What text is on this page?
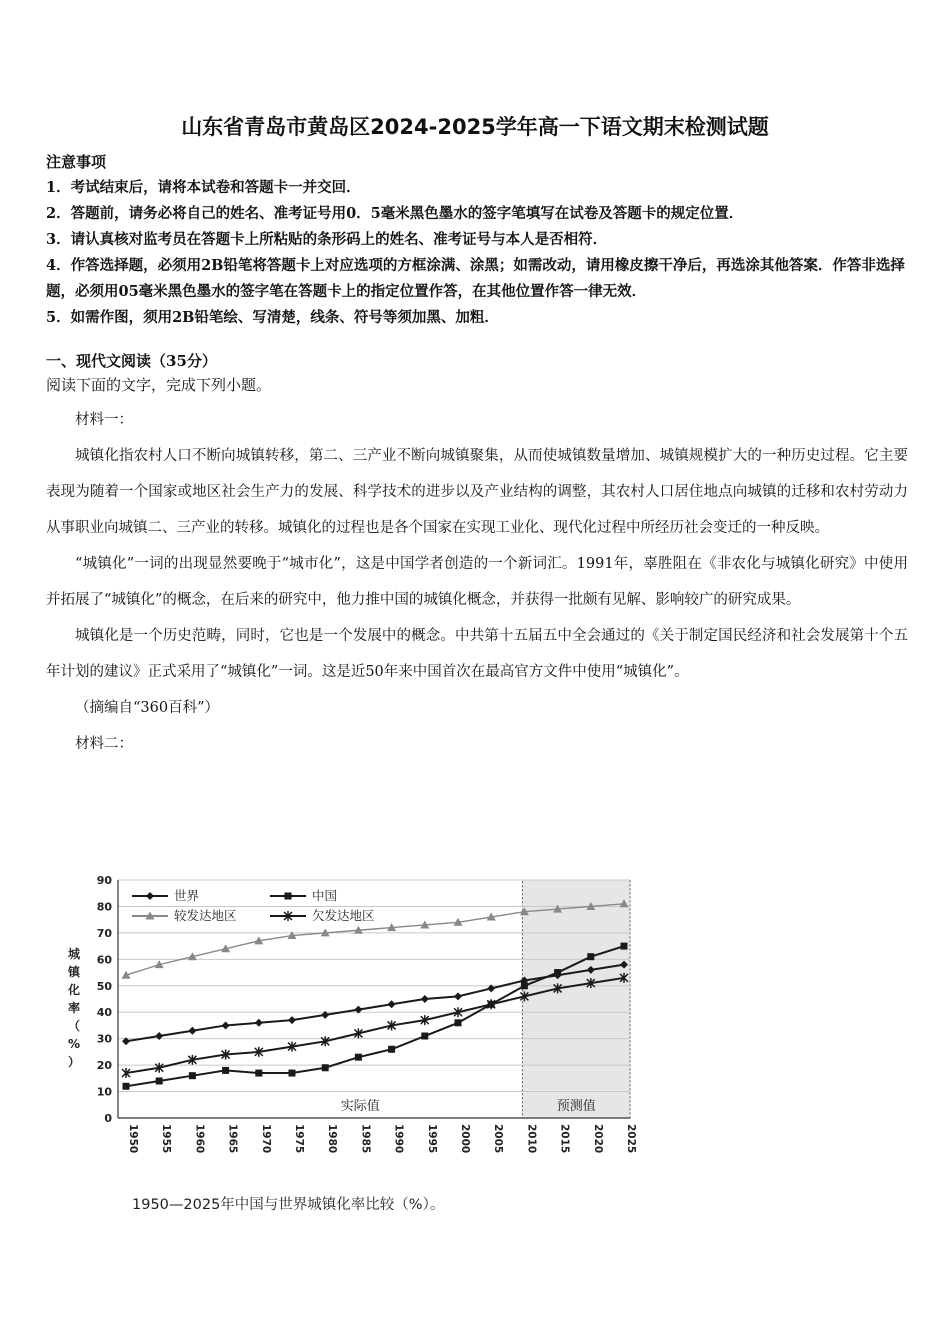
山东省青岛市黄岛区2024-2025学年高一下语文期末检测试题
注意事项

1．考试结束后，请将本试卷和答题卡一并交回．

2．答题前，请务必将自己的姓名、准考证号用0．5毫米黑色墨水的签字笔填写在试卷及答题卡的规定位置．

3．请认真核对监考员在答题卡上所粘贴的条形码上的姓名、准考证号与本人是否相符．

4．作答选择题，必须用2B铅笔将答题卡上对应选项的方框涂满、涂黑；如需改动，请用橡皮擦干净后，再选涂其他答案．作答非选择题，必须用05毫米黑色墨水的签字笔在答题卡上的指定位置作答，在其他位置作答一律无效．

5．如需作图，须用2B铅笔绘、写清楚，线条、符号等须加黑、加粗．

一、现代文阅读（35分）
阅读下面的文字，完成下列小题。

材料一：

城镇化指农村人口不断向城镇转移，第二、三产业不断向城镇聚集，从而使城镇数量增加、城镇规模扩大的一种历史过程。它主要表现为随着一个国家或地区社会生产力的发展、科学技术的进步以及产业结构的调整，其农村人口居住地点向城镇的迁移和农村劳动力从事职业向城镇二、三产业的转移。城镇化的过程也是各个国家在实现工业化、现代化过程中所经历社会变迁的一种反映。

“城镇化”一词的出现显然要晚于“城市化”，这是中国学者创造的一个新词汇。1991年，辜胜阻在《非农化与城镇化研究》中使用并拓展了“城镇化”的概念，在后来的研究中，他力推中国的城镇化概念，并获得一批颇有见解、影响较广的研究成果。

城镇化是一个历史范畴，同时，它也是一个发展中的概念。中共第十五届五中全会通过的《关于制定国民经济和社会发展第十个五年计划的建议》正式采用了“城镇化”一词。这是近50年来中国首次在最高官方文件中使用“城镇化”。

（摘编自“360百科”）

材料二：

0
10
20
30
40
50
60
70
80
90
1950 1955 1960 1965 1970 1975 1980 1985 1990 1995 2000 2005 2010 2015 2020 2025
城
镇
化
率
（
%
）
实际值	预测值
世界	中国
较发达地区	欠发达地区
1950—2025年中国与世界城镇化率比较（%）。
